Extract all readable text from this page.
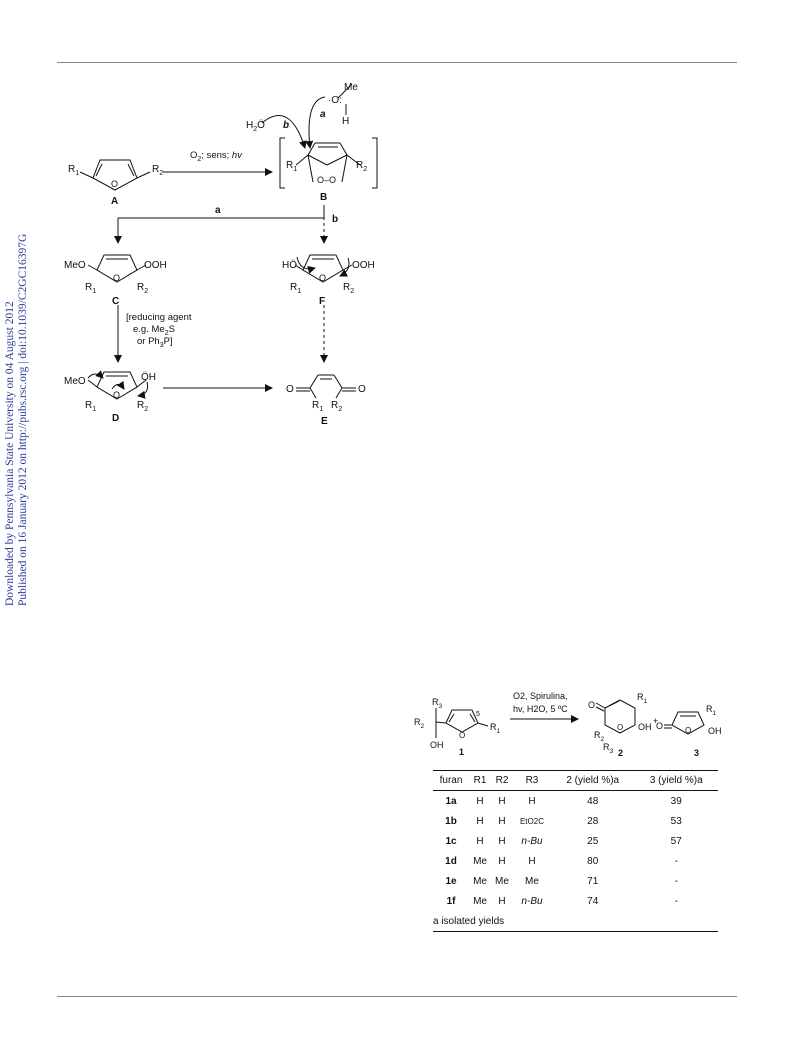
Downloaded by Pennsylvania State University on 04 August 2012 Published on 16 January 2012 on http://pubs.rsc.org | doi:10.1039/C2GC16397G
$R_1$	$R_2$
O
A
$O_2$; sens; hv
$H_2Ö$ b
a
Me
·O:
H
$R_1$	$R_2$
O–O
B
a
b
MeO	OOH
$R_1$	$R_2$
O
C
HÖ	OOH
$R_1$	$R_2$
O
F
[reducing agent
e.g. $Me_2S$
or $Ph_3P$]
MeO	ÖH
$R_1$	$R_2$
O
D
O	O
$R_1$ $R_2$
E
$R_2$
$R_3$
OH
O
5
$R_1$
1
O2, Spirulina,
hv, H2O, 5 ºC O
$R_1$
OH
+
O
$R_2$
$R_3$ 2
O	O
$R_1$
OH
3
furan	R1	R2	R3	2 (yield %)a	3 (yield %)a
1a	H	H	H	48	39
1b	H	H	EtO2C	28	53
1c	H	H	n-Bu	25	57
1d	Me	H	H	80	-
1e	Me	Me	Me	71	-
1f	Me	H	n-Bu	74	-
a isolated yields					
